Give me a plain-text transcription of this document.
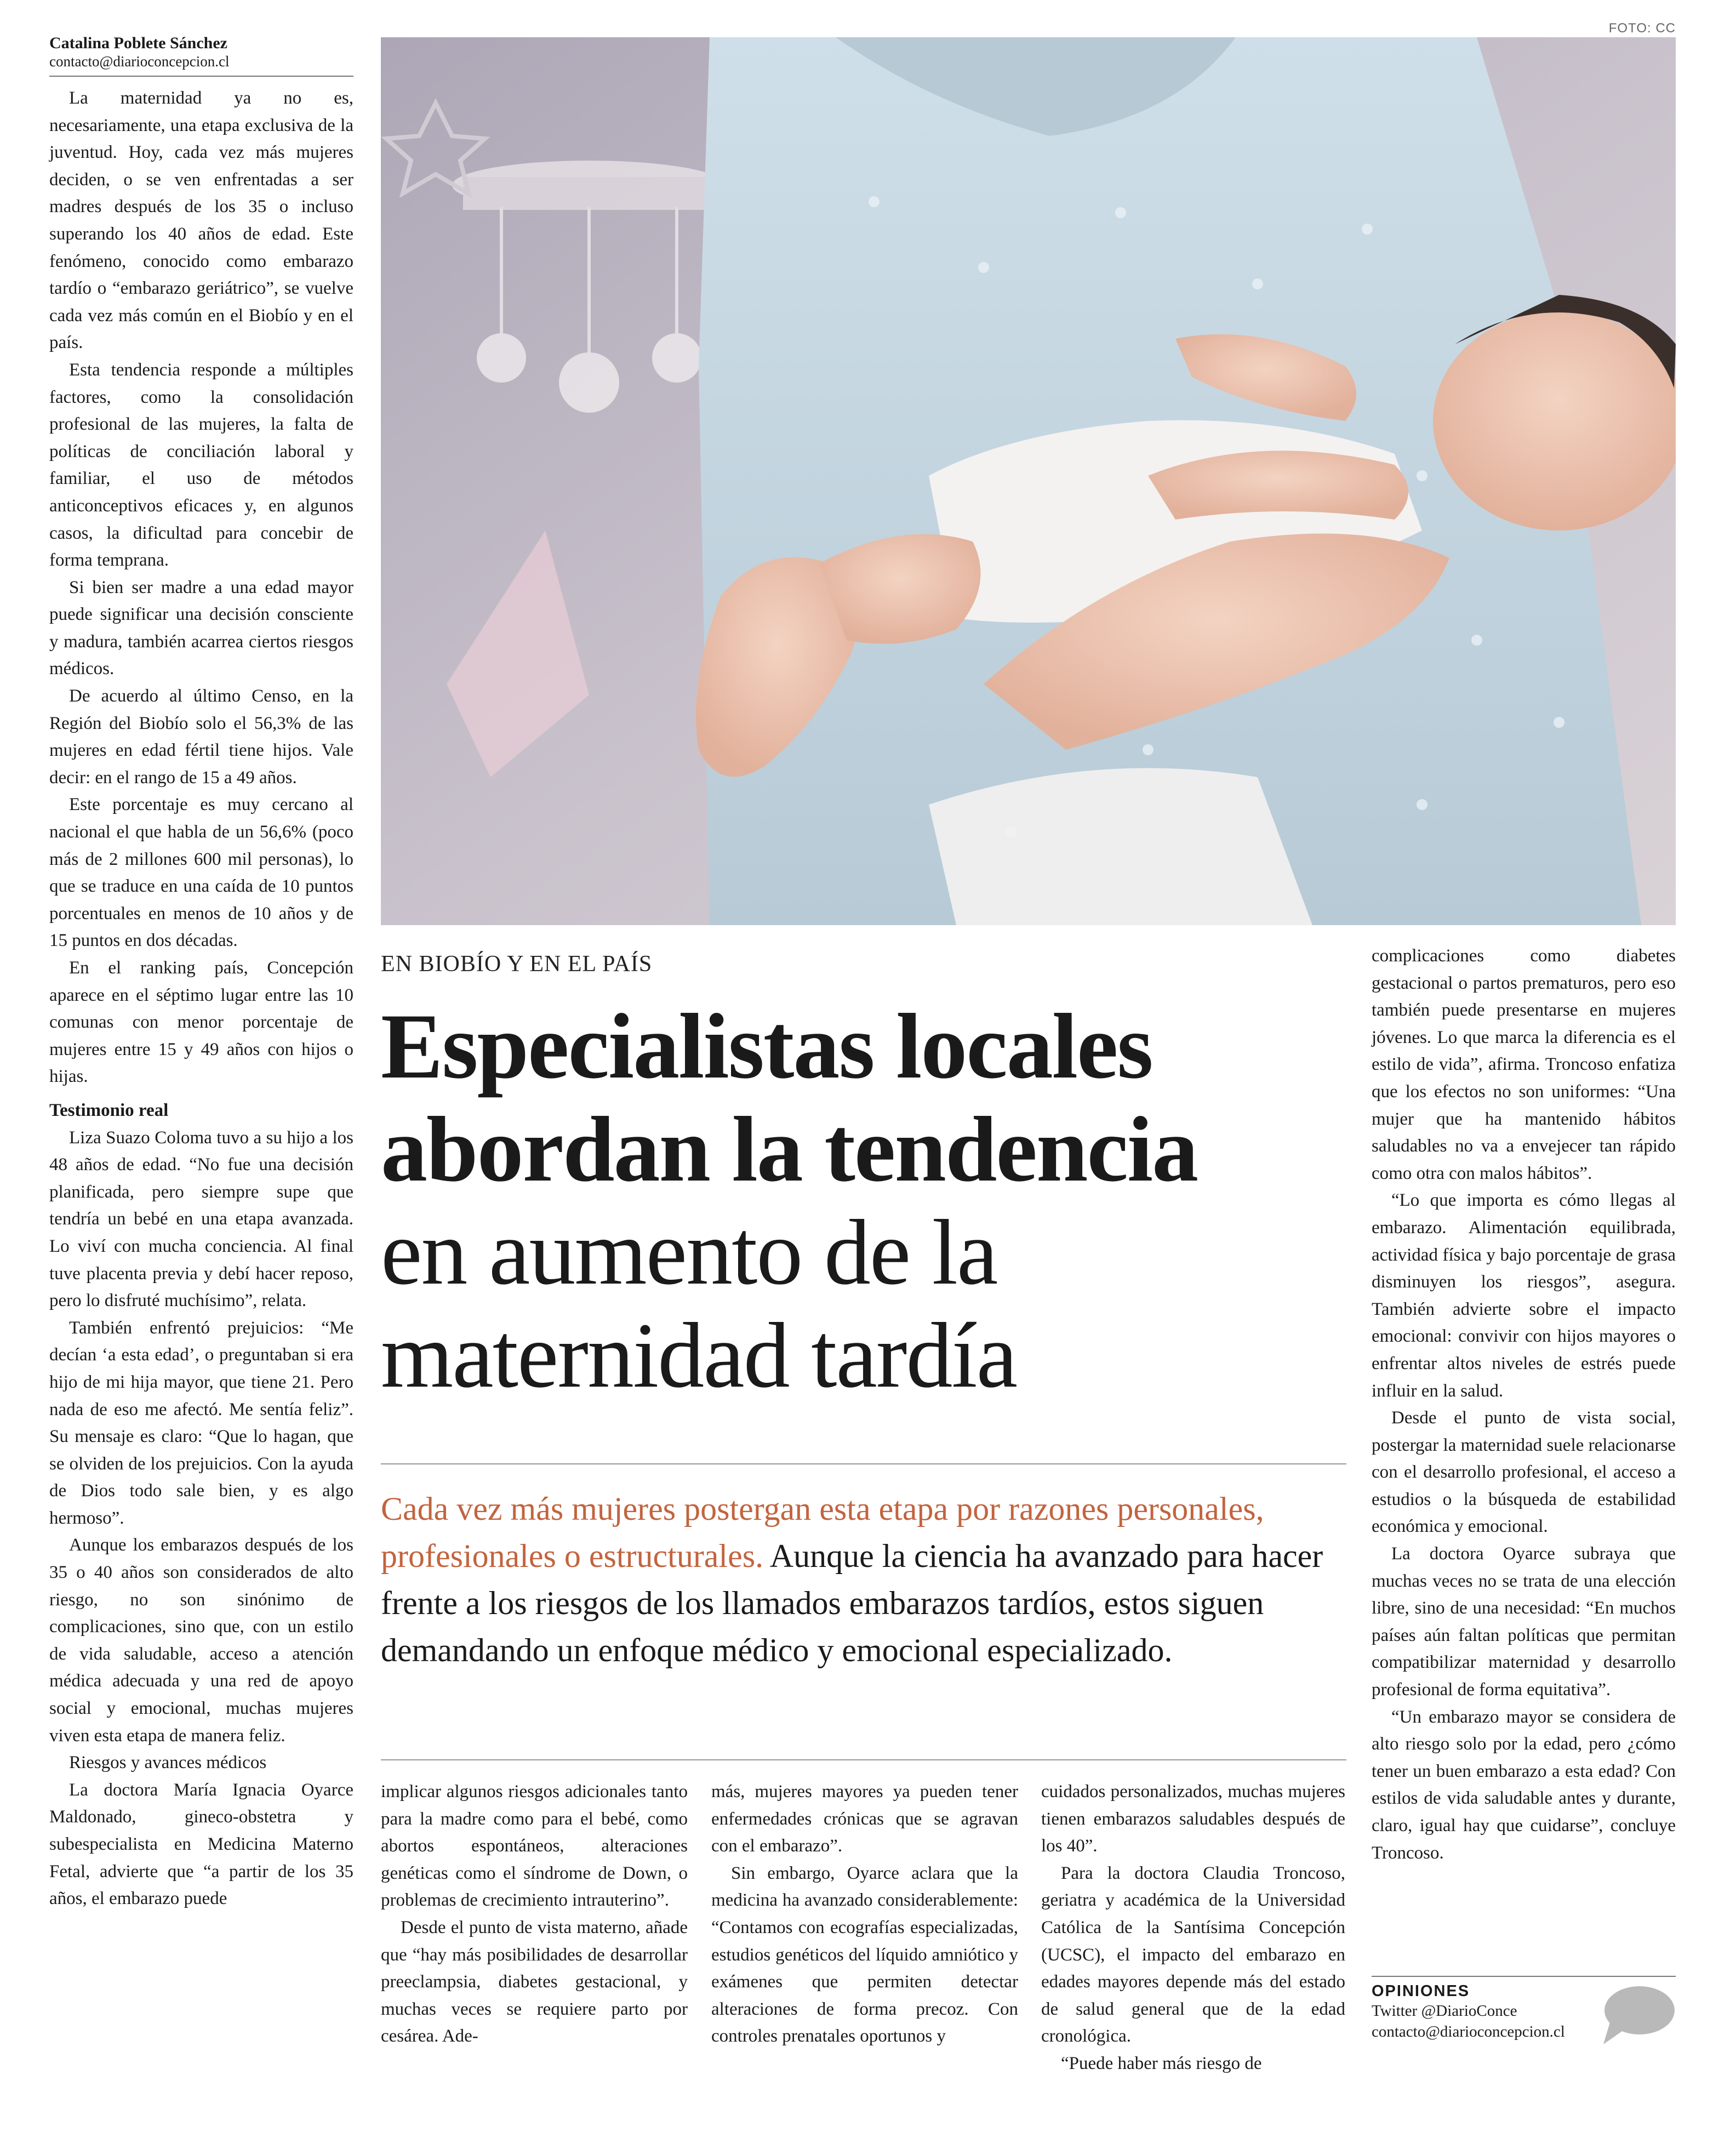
Catalina Poblete Sánchez
contacto@diarioconcepcion.cl
FOTO: CC

La maternidad ya no es, necesariamente, una etapa exclusiva de la juventud. Hoy, cada vez más mujeres deciden, o se ven enfrentadas a ser madres después de los 35 o incluso superando los 40 años de edad. Este fenómeno, conocido como embarazo tardío o “embarazo geriátrico”, se vuelve cada vez más común en el Biobío y en el país.

Esta tendencia responde a múltiples factores, como la consolidación profesional de las mujeres, la falta de políticas de conciliación laboral y familiar, el uso de métodos anticonceptivos eficaces y, en algunos casos, la dificultad para concebir de forma temprana.

Si bien ser madre a una edad mayor puede significar una decisión consciente y madura, también acarrea ciertos riesgos médicos.

De acuerdo al último Censo, en la Región del Biobío solo el 56,3% de las mujeres en edad fértil tiene hijos. Vale decir: en el rango de 15 a 49 años.

Este porcentaje es muy cercano al nacional el que habla de un 56,6% (poco más de 2 millones 600 mil personas), lo que se traduce en una caída de 10 puntos porcentuales en menos de 10 años y de 15 puntos en dos décadas.

En el ranking país, Concepción aparece en el séptimo lugar entre las 10 comunas con menor porcentaje de mujeres entre 15 y 49 años con hijos o hijas.

Testimonio real

Liza Suazo Coloma tuvo a su hijo a los 48 años de edad. “No fue una decisión planificada, pero siempre supe que tendría un bebé en una etapa avanzada. Lo viví con mucha conciencia. Al final tuve placenta previa y debí hacer reposo, pero lo disfruté muchísimo”, relata.

También enfrentó prejuicios: “Me decían ‘a esta edad’, o preguntaban si era hijo de mi hija mayor, que tiene 21. Pero nada de eso me afectó. Me sentía feliz”. Su mensaje es claro: “Que lo hagan, que se olviden de los prejuicios. Con la ayuda de Dios todo sale bien, y es algo hermoso”.

Aunque los embarazos después de los 35 o 40 años son considerados de alto riesgo, no son sinónimo de complicaciones, sino que, con un estilo de vida saludable, acceso a atención médica adecuada y una red de apoyo social y emocional, muchas mujeres viven esta etapa de manera feliz.

Riesgos y avances médicos

La doctora María Ignacia Oyarce Maldonado, gineco-obstetra y subespecialista en Medicina Materno Fetal, advierte que “a partir de los 35 años, el embarazo puede

EN BIOBÍO Y EN EL PAÍS
Especialistas locales
abordan la tendencia
en aumento de la
maternidad tardía
Cada vez más mujeres postergan esta etapa por razones personales, profesionales o estructurales. Aunque la ciencia ha avanzado para hacer frente a los riesgos de los llamados embarazos tardíos, estos siguen demandando un enfoque médico y emocional especializado.

implicar algunos riesgos adicionales tanto para la madre como para el bebé, como abortos espontáneos, alteraciones genéticas como el síndrome de Down, o problemas de crecimiento intrauterino”.

Desde el punto de vista materno, añade que “hay más posibilidades de desarrollar preeclampsia, diabetes gestacional, y muchas veces se requiere parto por cesárea. Ade-

más, mujeres mayores ya pueden tener enfermedades crónicas que se agravan con el embarazo”.

Sin embargo, Oyarce aclara que la medicina ha avanzado considerablemente: “Contamos con ecografías especializadas, estudios genéticos del líquido amniótico y exámenes que permiten detectar alteraciones de forma precoz. Con controles prenatales oportunos y

cuidados personalizados, muchas mujeres tienen embarazos saludables después de los 40”.

Para la doctora Claudia Troncoso, geriatra y académica de la Universidad Católica de la Santísima Concepción (UCSC), el impacto del embarazo en edades mayores depende más del estado de salud general que de la edad cronológica.

“Puede haber más riesgo de

complicaciones como diabetes gestacional o partos prematuros, pero eso también puede presentarse en mujeres jóvenes. Lo que marca la diferencia es el estilo de vida”, afirma. Troncoso enfatiza que los efectos no son uniformes: “Una mujer que ha mantenido hábitos saludables no va a envejecer tan rápido como otra con malos hábitos”.

“Lo que importa es cómo llegas al embarazo. Alimentación equilibrada, actividad física y bajo porcentaje de grasa disminuyen los riesgos”, asegura. También advierte sobre el impacto emocional: convivir con hijos mayores o enfrentar altos niveles de estrés puede influir en la salud.

Desde el punto de vista social, postergar la maternidad suele relacionarse con el desarrollo profesional, el acceso a estudios o la búsqueda de estabilidad económica y emocional.

La doctora Oyarce subraya que muchas veces no se trata de una elección libre, sino de una necesidad: “En muchos países aún faltan políticas que permitan compatibilizar maternidad y desarrollo profesional de forma equitativa”.

“Un embarazo mayor se considera de alto riesgo solo por la edad, pero ¿cómo tener un buen embarazo a esta edad? Con estilos de vida saludable antes y durante, claro, igual hay que cuidarse”, concluye Troncoso.

OPINIONES
Twitter @DiarioConce
contacto@diarioconcepcion.cl
